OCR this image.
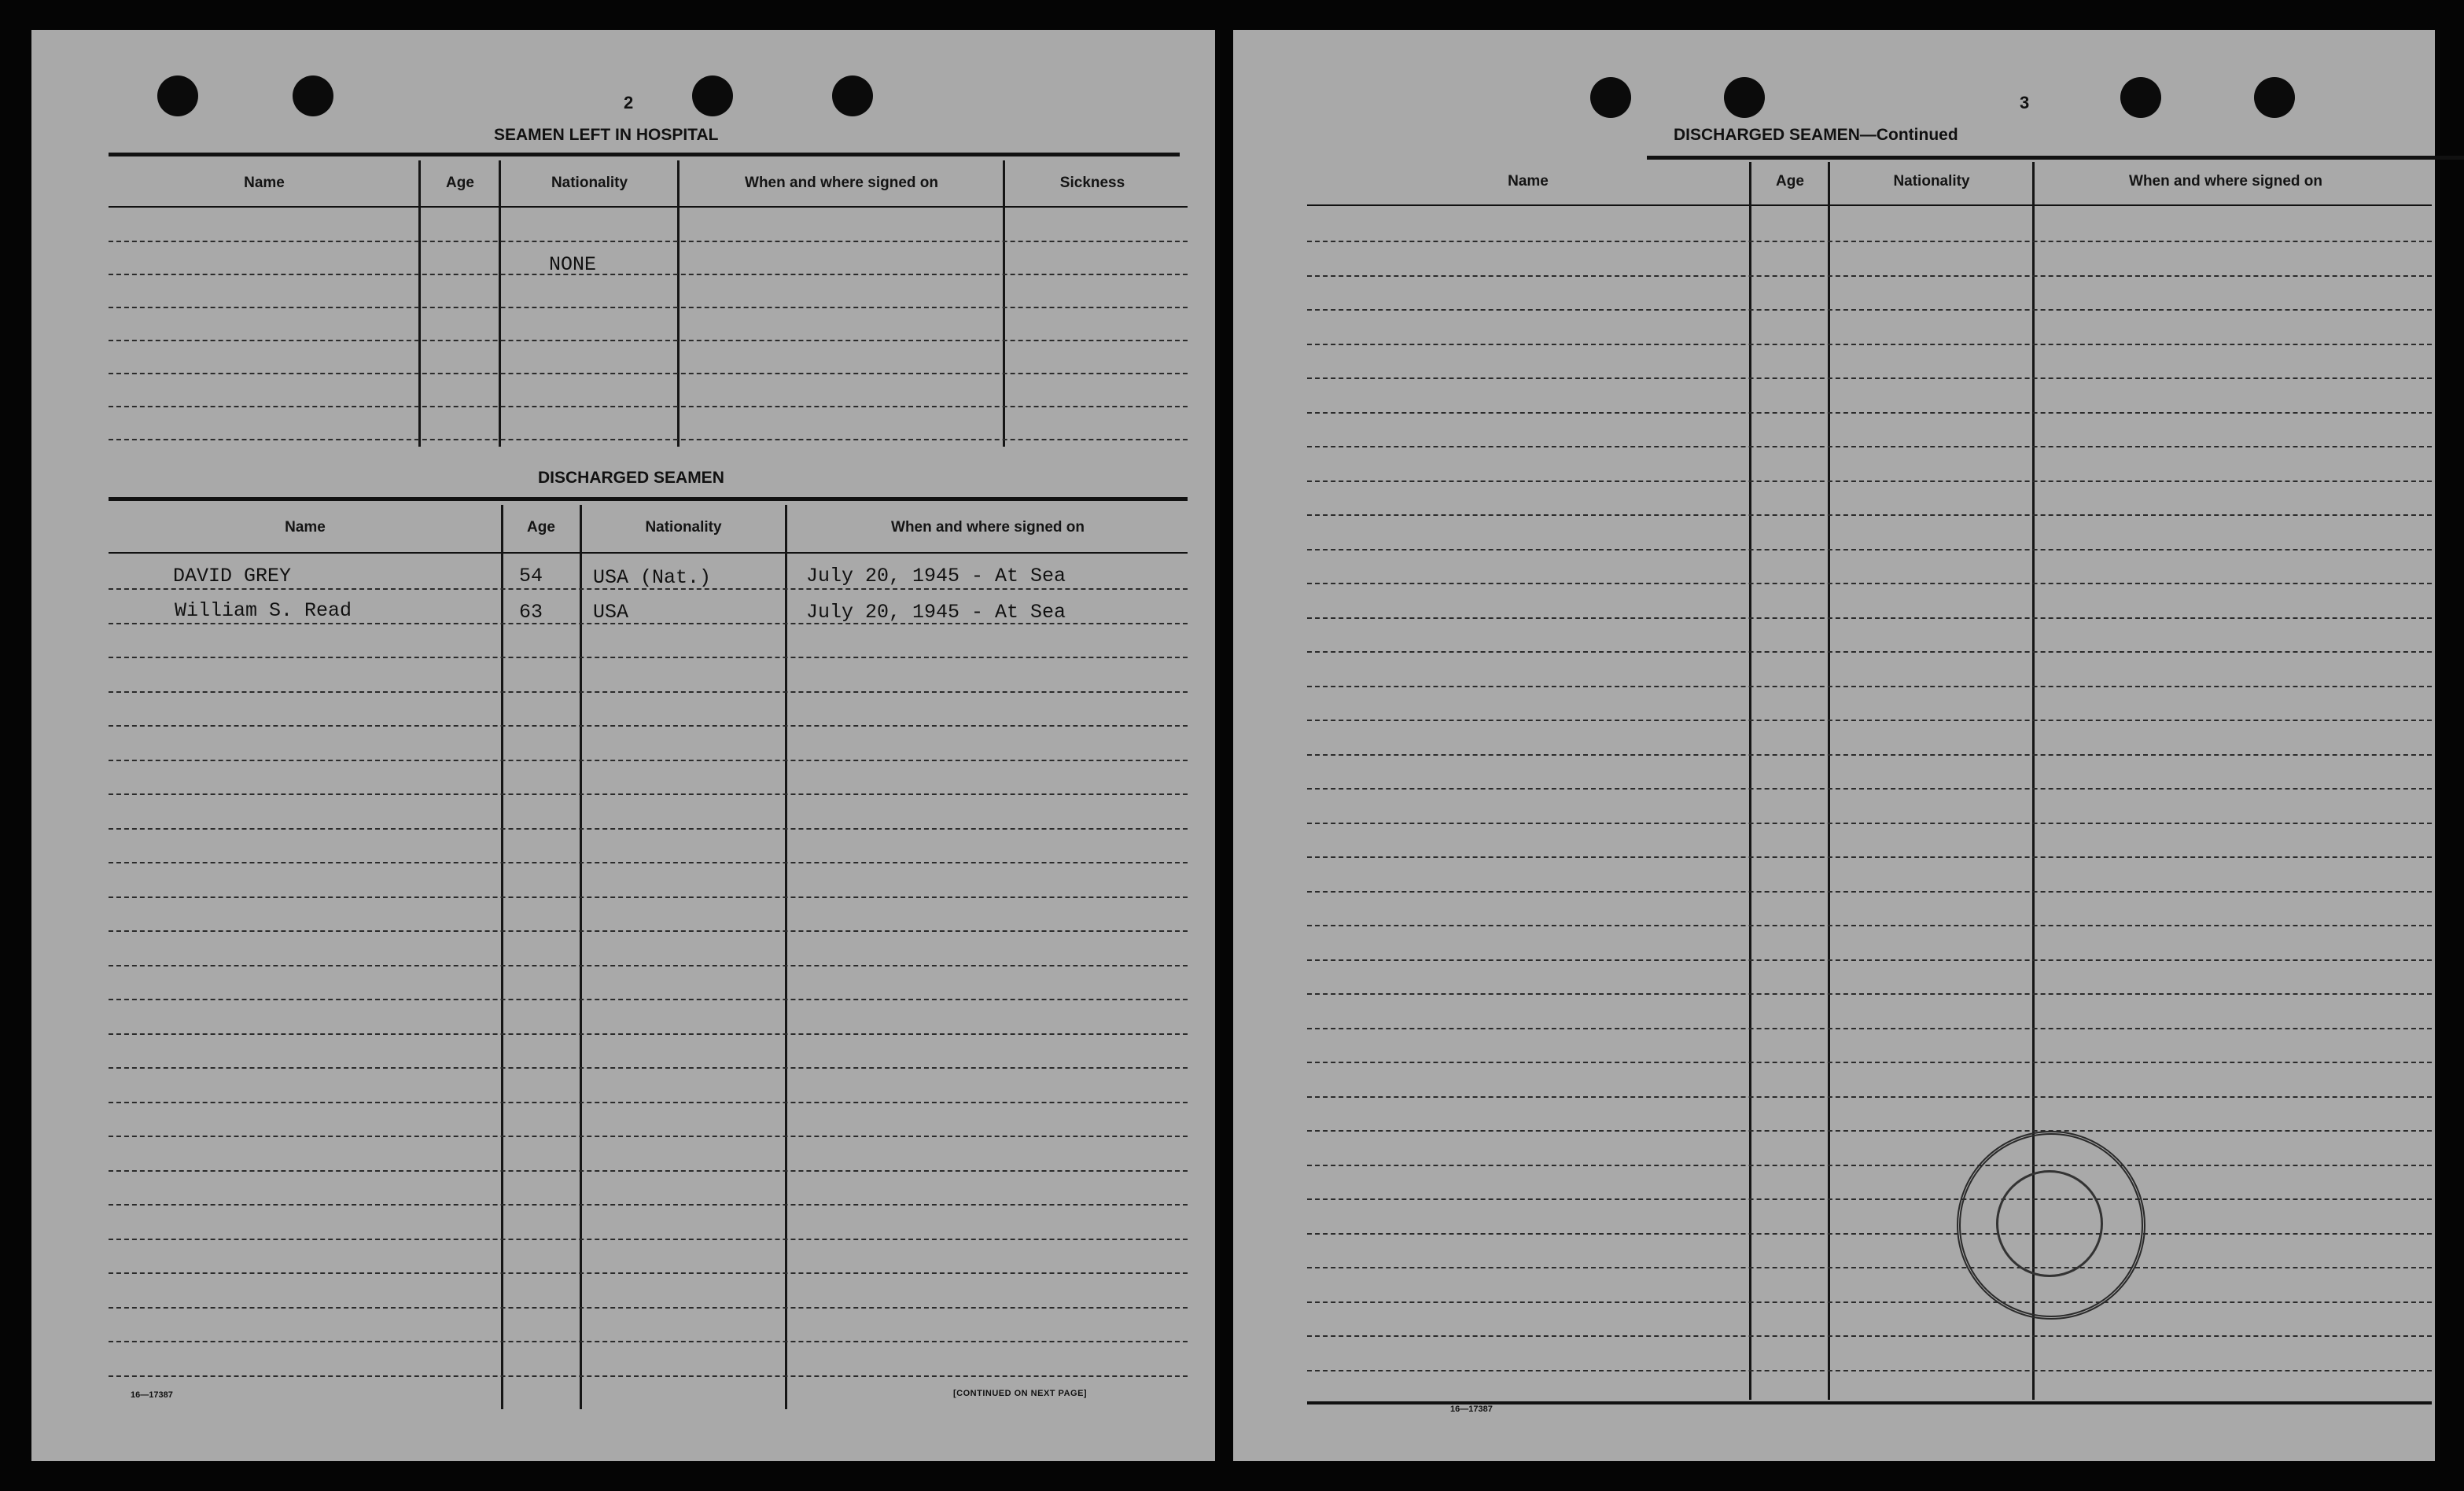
2
SEAMEN LEFT IN HOSPITAL
Name	Age	Nationality	When and where signed on	Sickness
NONE
DISCHARGED SEAMEN
Name	Age	Nationality	When and where signed on
DAVID GREY	54	USA (Nat.)	July 20, 1945 - At Sea
William S. Read	63	USA	July 20, 1945 - At Sea
16—17387	[CONTINUED ON NEXT PAGE]
3
DISCHARGED SEAMEN—Continued
Name	Age	Nationality	When and where signed on
16—17387
